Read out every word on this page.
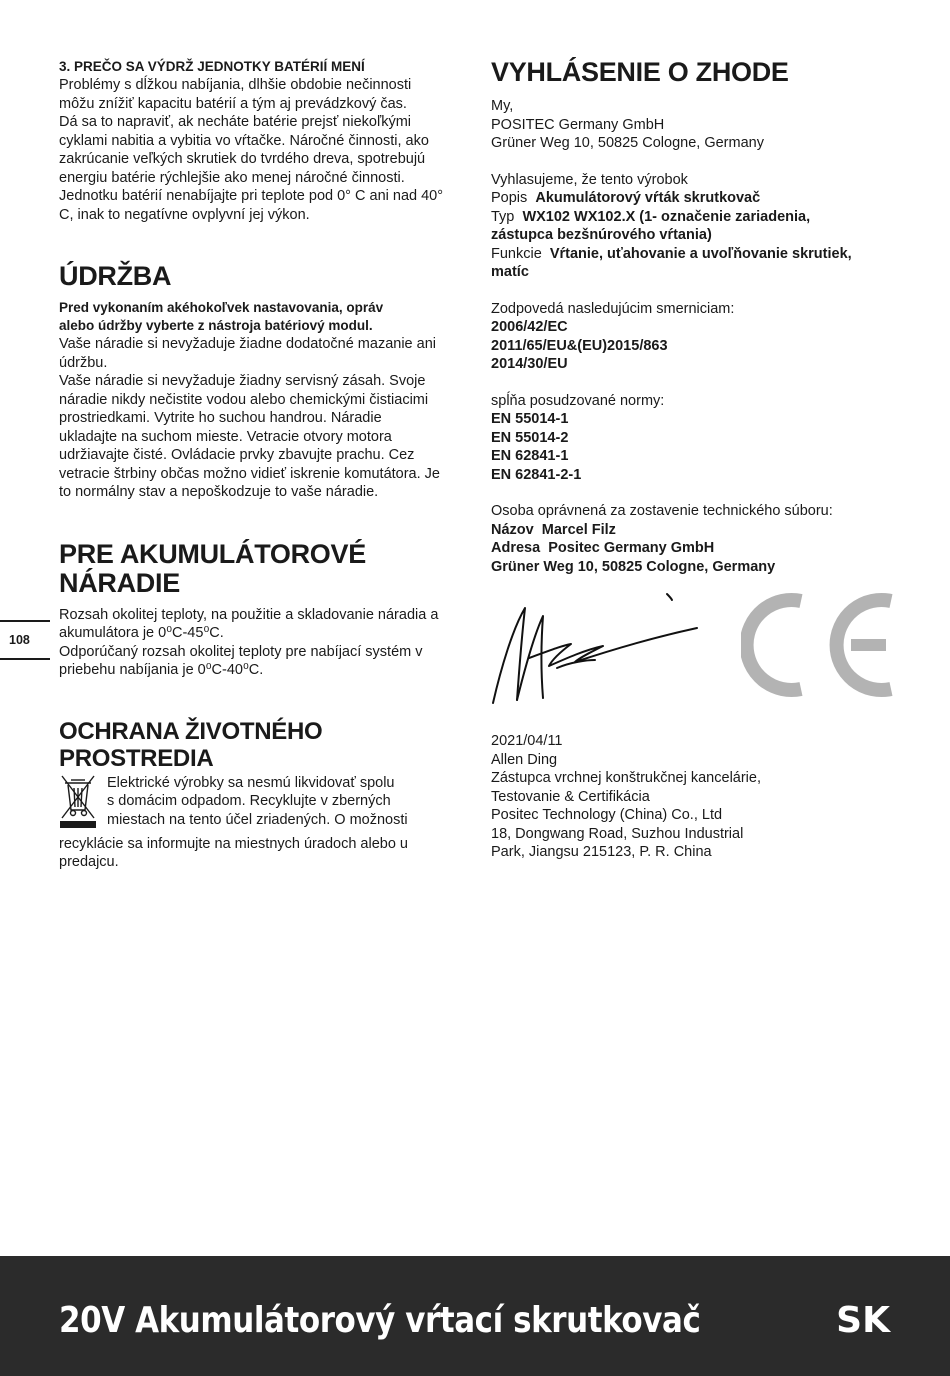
108

3. PREČO SA VÝDRŽ JEDNOTKY BATÉRIÍ MENÍ

Problémy s dĺžkou nabíjania, dlhšie obdobie nečinnosti

môžu znížiť kapacitu batérií a tým aj prevádzkový čas.

Dá sa to napraviť, ak necháte batérie prejsť niekoľkými

cyklami nabitia a vybitia vo vŕtačke. Náročné činnosti, ako

zakrúcanie veľkých skrutiek do tvrdého dreva, spotrebujú

energiu batérie rýchlejšie ako menej náročné činnosti.

Jednotku batérií nenabíjajte pri teplote pod 0° C ani nad 40°

C, inak to negatívne ovplyvní jej výkon.

ÚDRŽBA

Pred vykonaním akéhokoľvek nastavovania, opráv

alebo údržby vyberte z nástroja batériový modul.

Vaše náradie si nevyžaduje žiadne dodatočné mazanie ani

údržbu.

Vaše náradie si nevyžaduje žiadny servisný zásah. Svoje

náradie nikdy nečistite vodou alebo chemickými čistiacimi

prostriedkami. Vytrite ho suchou handrou. Náradie

ukladajte na suchom mieste. Vetracie otvory motora

udržiavajte čisté. Ovládacie prvky zbavujte prachu. Cez

vetracie štrbiny občas možno vidieť iskrenie komutátora. Je

to normálny stav a nepoškodzuje to vaše náradie.

PRE AKUMULÁTOROVÉ
NÁRADIE

Rozsah okolitej teploty, na použitie a skladovanie náradia a

akumulátora je 0⁰C-45⁰C.

Odporúčaný rozsah okolitej teploty pre nabíjací systém v

priebehu nabíjania je 0⁰C-40⁰C.

OCHRANA ŽIVOTNÉHO
PROSTREDIA

Elektrické výrobky sa nesmú likvidovať spolu

s domácim odpadom. Recyklujte v zberných

miestach na tento účel zriadených. O možnosti

recyklácie sa informujte na miestnych úradoch alebo u

predajcu.

VYHLÁSENIE O ZHODE

My,

POSITEC Germany GmbH

Grüner Weg 10, 50825 Cologne, Germany

Vyhlasujeme, že tento výrobok

Popis Akumulátorový vŕták skrutkovač

Typ WX102 WX102.X (1- označenie zariadenia,

zástupca bezšnúrového vŕtania)

Funkcie Vŕtanie, uťahovanie a uvoľňovanie skrutiek,

matíc

Zodpovedá nasledujúcim smerniciam:

2006/42/EC

2011/65/EU&(EU)2015/863

2014/30/EU

spĺňa posudzované normy:

EN 55014-1

EN 55014-2

EN 62841-1

EN 62841-2-1

Osoba oprávnená za zostavenie technického súboru:

Názov Marcel Filz

Adresa Positec Germany GmbH

Grüner Weg 10, 50825 Cologne, Germany

2021/04/11

Allen Ding

Zástupca vrchnej konštrukčnej kancelárie,

Testovanie & Certifikácia

Positec Technology (China) Co., Ltd

18, Dongwang Road, Suzhou Industrial

Park, Jiangsu 215123, P. R. China

20V Akumulátorový vŕtací skrutkovač	SK
